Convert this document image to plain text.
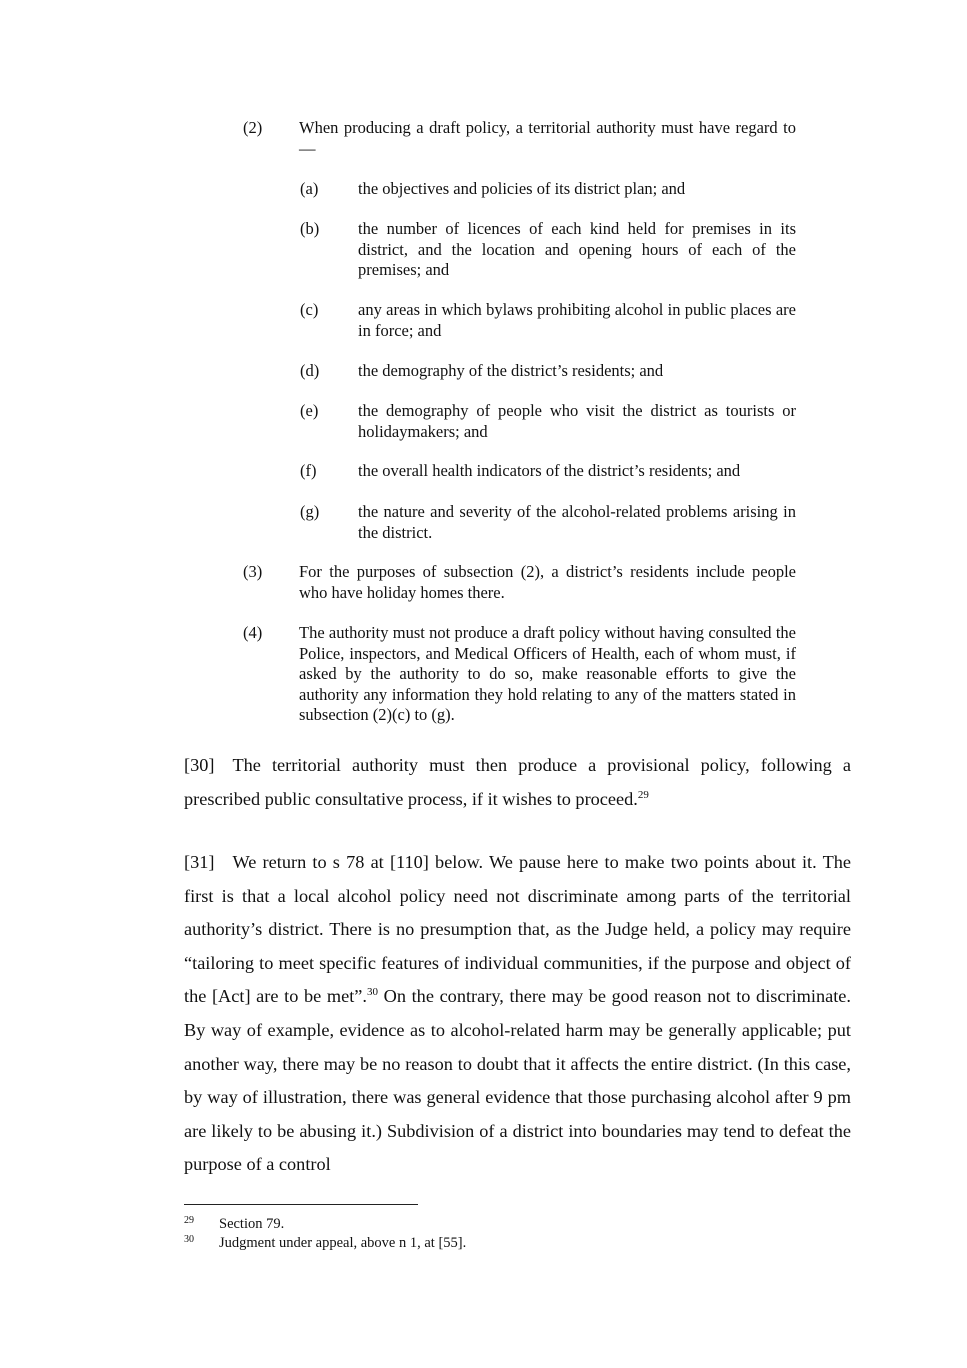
(2)	When producing a draft policy, a territorial authority must have regard to—
(a)	the objectives and policies of its district plan; and
(b)	the number of licences of each kind held for premises in its district, and the location and opening hours of each of the premises; and
(c)	any areas in which bylaws prohibiting alcohol in public places are in force; and
(d)	the demography of the district’s residents; and
(e)	the demography of people who visit the district as tourists or holidaymakers; and
(f)	the overall health indicators of the district’s residents; and
(g)	the nature and severity of the alcohol-related problems arising in the district.
(3)	For the purposes of subsection (2), a district’s residents include people who have holiday homes there.
(4)	The authority must not produce a draft policy without having consulted the Police, inspectors, and Medical Officers of Health, each of whom must, if asked by the authority to do so, make reasonable efforts to give the authority any information they hold relating to any of the matters stated in subsection (2)(c) to (g).
[30] The territorial authority must then produce a provisional policy, following a prescribed public consultative process, if it wishes to proceed.$^{29}$
[31] We return to s 78 at [110] below. We pause here to make two points about it. The first is that a local alcohol policy need not discriminate among parts of the territorial authority’s district. There is no presumption that, as the Judge held, a policy may require “tailoring to meet specific features of individual communities, if the purpose and object of the [Act] are to be met”.$^{30}$ On the contrary, there may be good reason not to discriminate. By way of example, evidence as to alcohol-related harm may be generally applicable; put another way, there may be no reason to doubt that it affects the entire district. (In this case, by way of illustration, there was general evidence that those purchasing alcohol after 9 pm are likely to be abusing it.) Subdivision of a district into boundaries may tend to defeat the purpose of a control
29 Section 79.
30 Judgment under appeal, above n 1, at [55].
